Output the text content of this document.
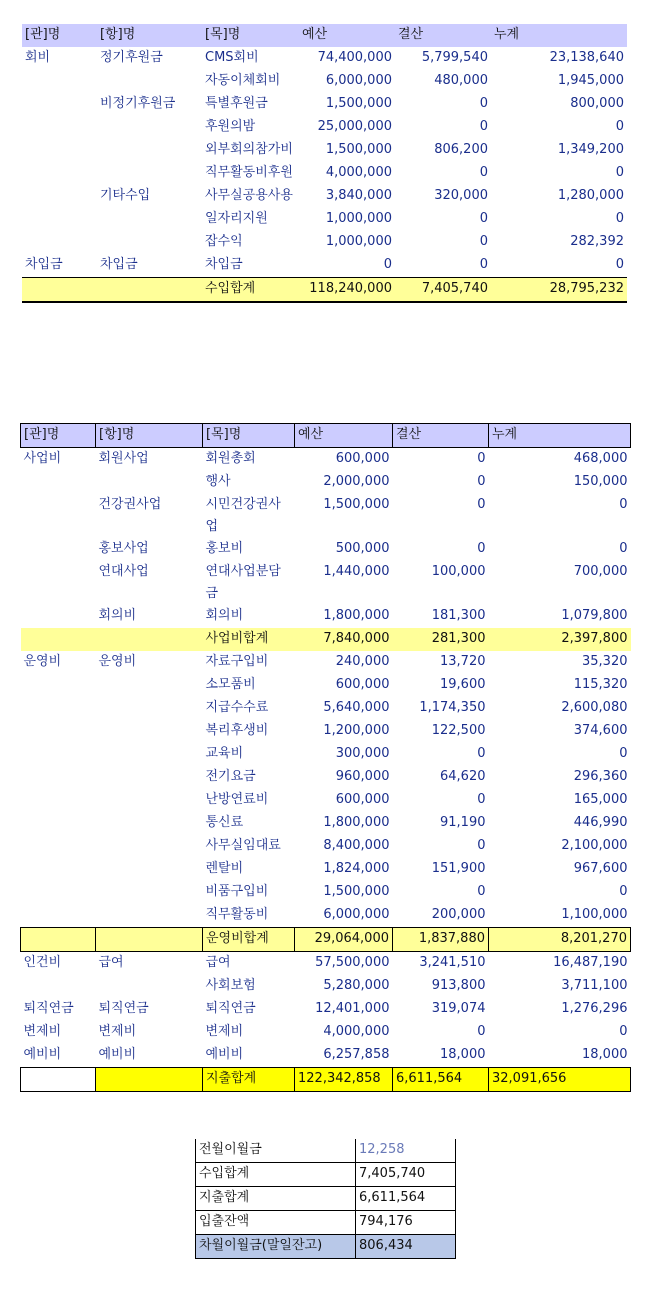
[관]명	[항]명	[목]명	예산	결산	누계
회비	정기후원금	CMS회비	74,400,000	5,799,540	23,138,640
		자동이체회비	6,000,000	480,000	1,945,000
	비정기후원금	특별후원금	1,500,000	0	800,000
		후원의밤	25,000,000	0	0
		외부회의참가비	1,500,000	806,200	1,349,200
		직무활동비후원	4,000,000	0	0
	기타수입	사무실공용사용	3,840,000	320,000	1,280,000
		일자리지원	1,000,000	0	0
		잡수익	1,000,000	0	282,392
차입금	차입금	차입금	0	0	0
		수입합계	118,240,000	7,405,740	28,795,232
[관]명	[항]명	[목]명	예산	결산	누계
사업비	회원사업	회원총회	600,000	0	468,000
		행사	2,000,000	0	150,000
	건강권사업	시민건강권사업	1,500,000	0	0
	홍보사업	홍보비	500,000	0	0
	연대사업	연대사업분담금	1,440,000	100,000	700,000
	회의비	회의비	1,800,000	181,300	1,079,800
		사업비합계	7,840,000	281,300	2,397,800
운영비	운영비	자료구입비	240,000	13,720	35,320
		소모품비	600,000	19,600	115,320
		지급수수료	5,640,000	1,174,350	2,600,080
		복리후생비	1,200,000	122,500	374,600
		교육비	300,000	0	0
		전기요금	960,000	64,620	296,360
		난방연료비	600,000	0	165,000
		통신료	1,800,000	91,190	446,990
		사무실임대료	8,400,000	0	2,100,000
		렌탈비	1,824,000	151,900	967,600
		비품구입비	1,500,000	0	0
		직무활동비	6,000,000	200,000	1,100,000
		운영비합계	29,064,000	1,837,880	8,201,270
인건비	급여	급여	57,500,000	3,241,510	16,487,190
		사회보험	5,280,000	913,800	3,711,100
퇴직연금	퇴직연금	퇴직연금	12,401,000	319,074	1,276,296
변제비	변제비	변제비	4,000,000	0	0
예비비	예비비	예비비	6,257,858	18,000	18,000
		지출합계	122,342,858	6,611,564	32,091,656
전월이월금	12,258
수입합계	7,405,740
지출합계	6,611,564
입출잔액	794,176
차월이월금(말일잔고)	806,434
